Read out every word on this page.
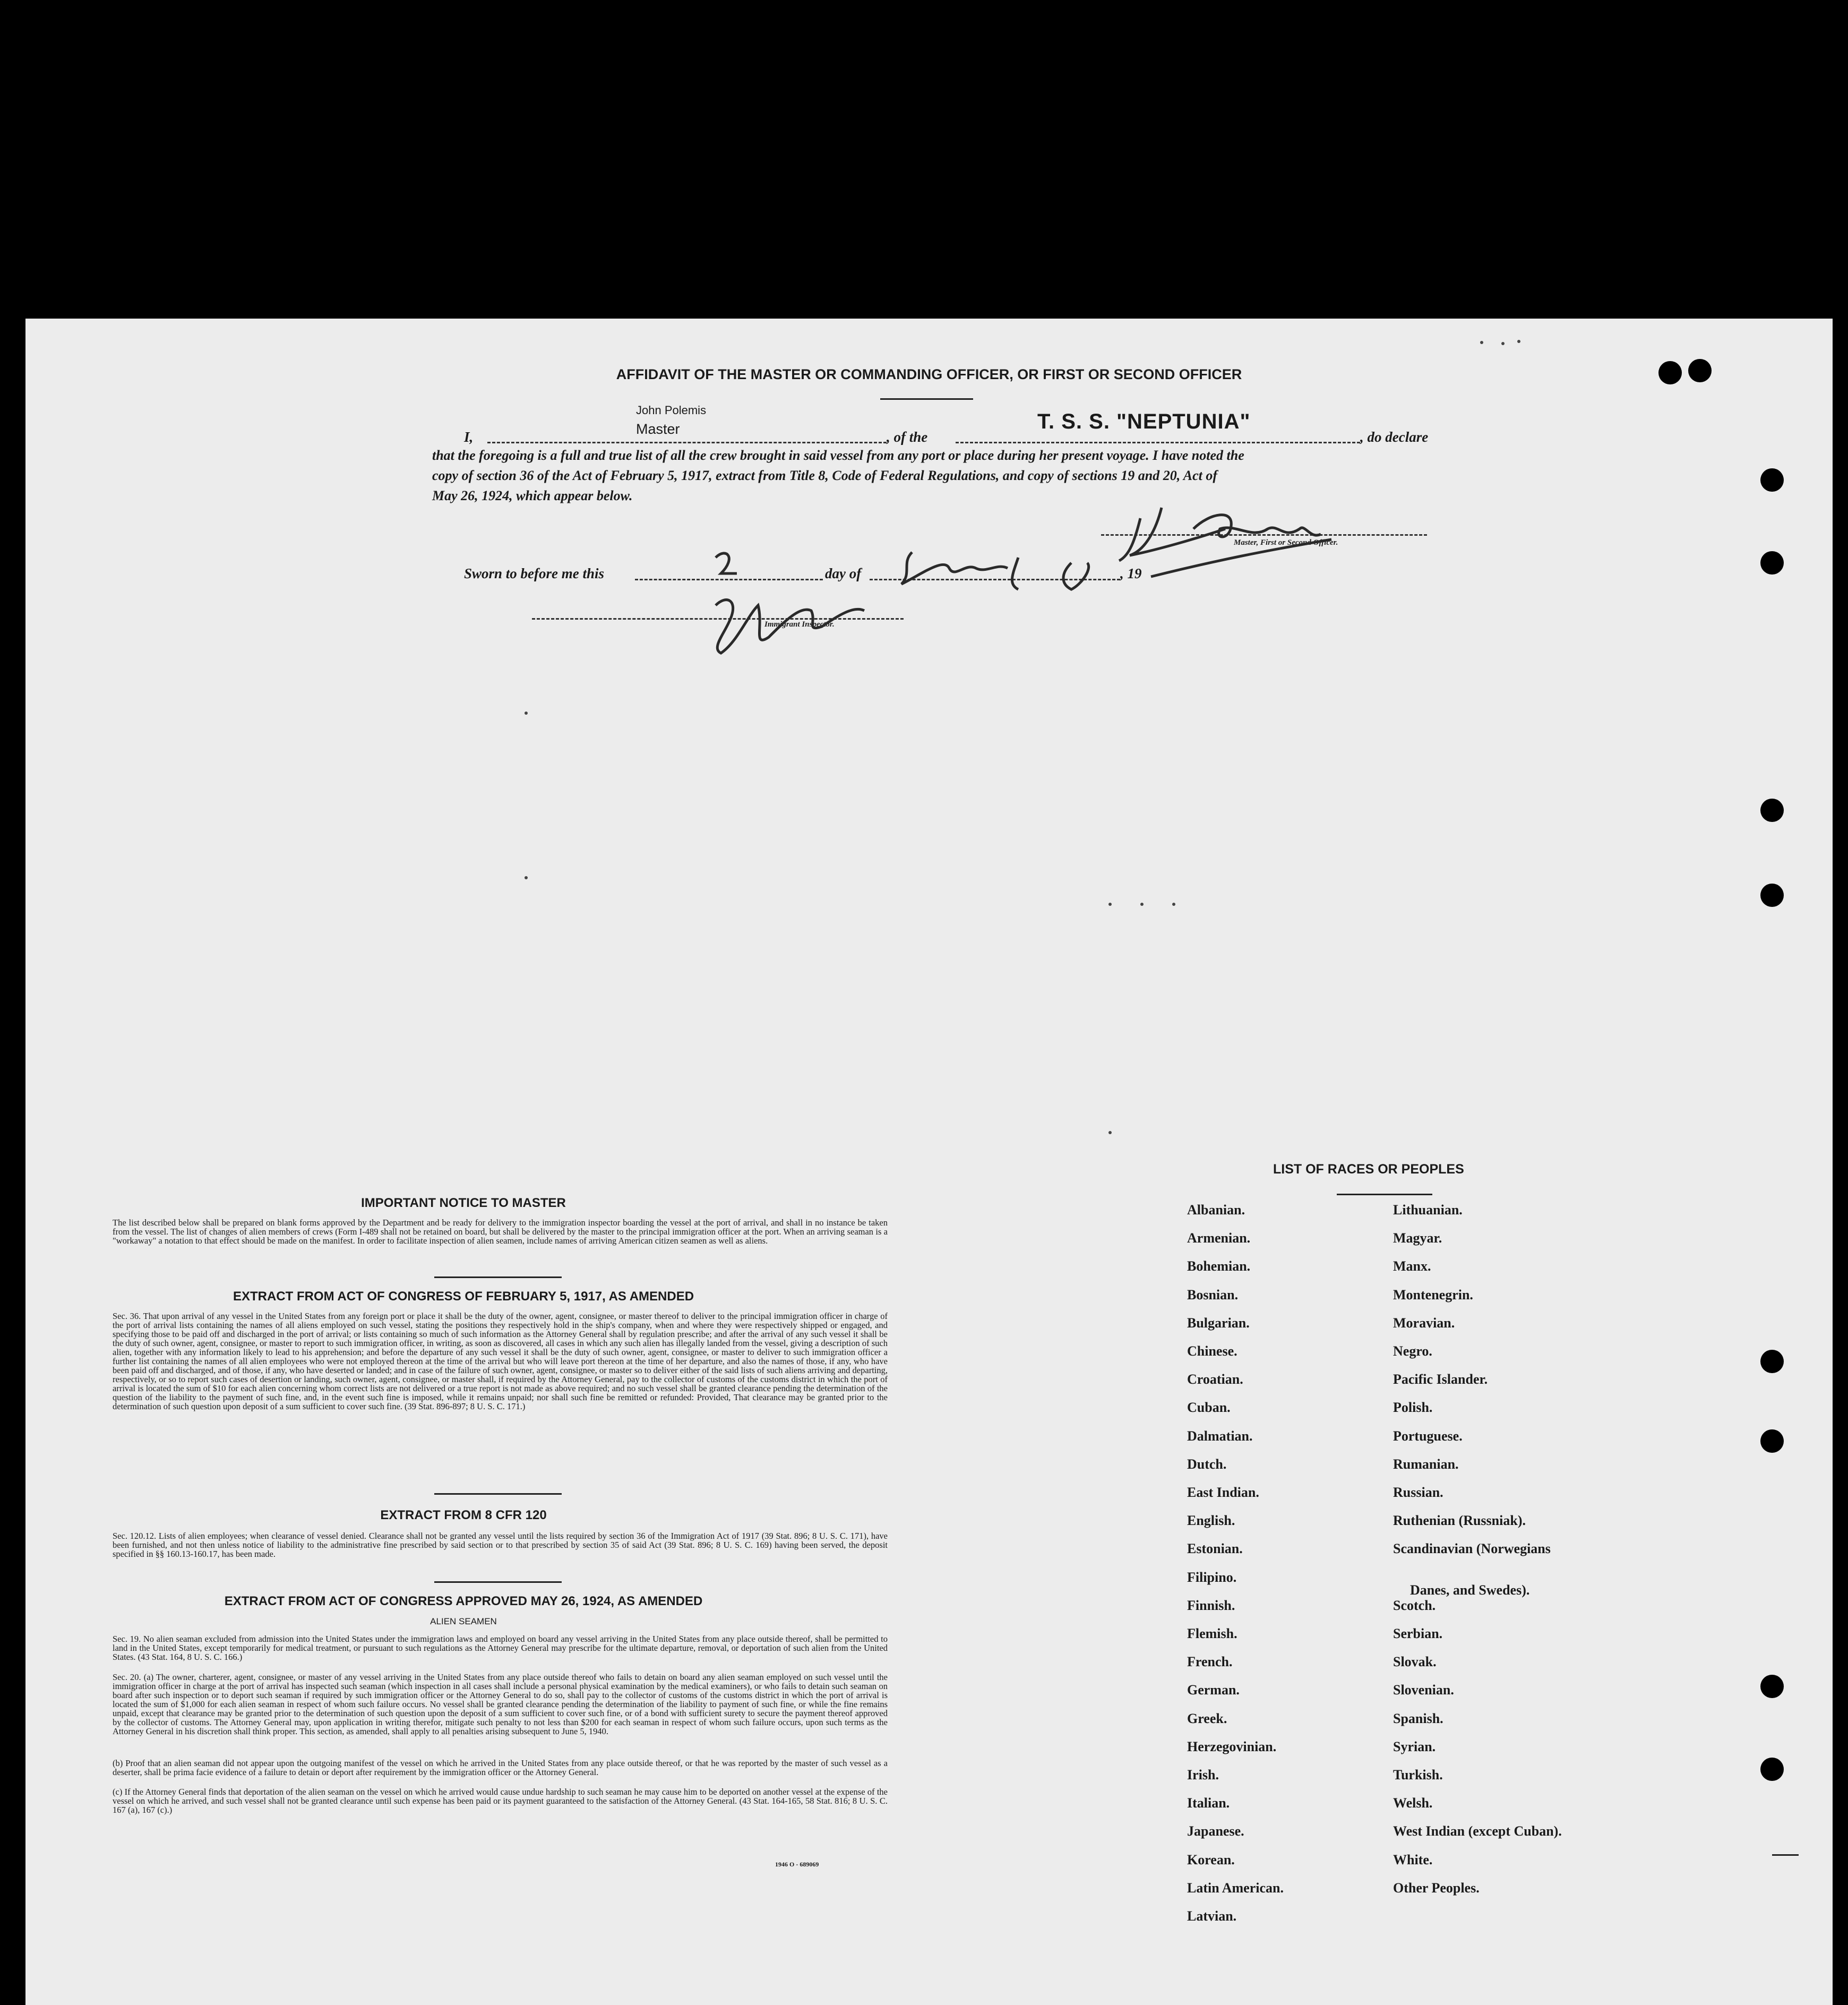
AFFIDAVIT OF THE MASTER OR COMMANDING OFFICER, OR FIRST OR SECOND OFFICER
I,
John Polemis
Master	, of the
T. S. S. "NEPTUNIA"
, do declare
that the foregoing is a full and true list of all the crew brought in said vessel from any port or place during her present voyage. I have noted the
copy of section 36 of the Act of February 5, 1917, extract from Title 8, Code of Federal Regulations, and copy of sections 19 and 20, Act of
May 26, 1924, which appear below.
Master, First or Second Officer.
Sworn to before me this	day of	, 19
Immigrant Inspector.
IMPORTANT NOTICE TO MASTER
The list described below shall be prepared on blank forms approved by the Department and be ready for delivery to the immigration inspector boarding the vessel at the port of arrival, and shall in no instance be taken from the vessel. The list of changes of alien members of crews (Form I-489 shall not be retained on board, but shall be delivered by the master to the principal immigration officer at the port. When an arriving seaman is a "workaway" a notation to that effect should be made on the manifest. In order to facilitate inspection of alien seamen, include names of arriving American citizen seamen as well as aliens.
EXTRACT FROM ACT OF CONGRESS OF FEBRUARY 5, 1917, AS AMENDED
Sec. 36. That upon arrival of any vessel in the United States from any foreign port or place it shall be the duty of the owner, agent, consignee, or master thereof to deliver to the principal immigration officer in charge of the port of arrival lists containing the names of all aliens employed on such vessel, stating the positions they respectively hold in the ship's company, when and where they were respectively shipped or engaged, and specifying those to be paid off and discharged in the port of arrival; or lists containing so much of such information as the Attorney General shall by regulation prescribe; and after the arrival of any such vessel it shall be the duty of such owner, agent, consignee, or master to report to such immigration officer, in writing, as soon as discovered, all cases in which any such alien has illegally landed from the vessel, giving a description of such alien, together with any information likely to lead to his apprehension; and before the departure of any such vessel it shall be the duty of such owner, agent, consignee, or master to deliver to such immigration officer a further list containing the names of all alien employees who were not employed thereon at the time of the arrival but who will leave port thereon at the time of her departure, and also the names of those, if any, who have been paid off and discharged, and of those, if any, who have deserted or landed; and in case of the failure of such owner, agent, consignee, or master so to deliver either of the said lists of such aliens arriving and departing, respectively, or so to report such cases of desertion or landing, such owner, agent, consignee, or master shall, if required by the Attorney General, pay to the collector of customs of the customs district in which the port of arrival is located the sum of $10 for each alien concerning whom correct lists are not delivered or a true report is not made as above required; and no such vessel shall be granted clearance pending the determination of the question of the liability to the payment of such fine, and, in the event such fine is imposed, while it remains unpaid; nor shall such fine be remitted or refunded: Provided, That clearance may be granted prior to the determination of such question upon deposit of a sum sufficient to cover such fine. (39 Stat. 896-897; 8 U. S. C. 171.)
EXTRACT FROM 8 CFR 120
Sec. 120.12. Lists of alien employees; when clearance of vessel denied. Clearance shall not be granted any vessel until the lists required by section 36 of the Immigration Act of 1917 (39 Stat. 896; 8 U. S. C. 171), have been furnished, and not then unless notice of liability to the administrative fine prescribed by said section or to that prescribed by section 35 of said Act (39 Stat. 896; 8 U. S. C. 169) having been served, the deposit specified in §§ 160.13-160.17, has been made.
EXTRACT FROM ACT OF CONGRESS APPROVED MAY 26, 1924, AS AMENDED
ALIEN SEAMEN
Sec. 19. No alien seaman excluded from admission into the United States under the immigration laws and employed on board any vessel arriving in the United States from any place outside thereof, shall be permitted to land in the United States, except temporarily for medical treatment, or pursuant to such regulations as the Attorney General may prescribe for the ultimate departure, removal, or deportation of such alien from the United States. (43 Stat. 164, 8 U. S. C. 166.)
Sec. 20. (a) The owner, charterer, agent, consignee, or master of any vessel arriving in the United States from any place outside thereof who fails to detain on board any alien seaman employed on such vessel until the immigration officer in charge at the port of arrival has inspected such seaman (which inspection in all cases shall include a personal physical examination by the medical examiners), or who fails to detain such seaman on board after such inspection or to deport such seaman if required by such immigration officer or the Attorney General to do so, shall pay to the collector of customs of the customs district in which the port of arrival is located the sum of $1,000 for each alien seaman in respect of whom such failure occurs. No vessel shall be granted clearance pending the determination of the liability to payment of such fine, or while the fine remains unpaid, except that clearance may be granted prior to the determination of such question upon the deposit of a sum sufficient to cover such fine, or of a bond with sufficient surety to secure the payment thereof approved by the collector of customs. The Attorney General may, upon application in writing therefor, mitigate such penalty to not less than $200 for each seaman in respect of whom such failure occurs, upon such terms as the Attorney General in his discretion shall think proper. This section, as amended, shall apply to all penalties arising subsequent to June 5, 1940.
(b) Proof that an alien seaman did not appear upon the outgoing manifest of the vessel on which he arrived in the United States from any place outside thereof, or that he was reported by the master of such vessel as a deserter, shall be prima facie evidence of a failure to detain or deport after requirement by the immigration officer or the Attorney General.
(c) If the Attorney General finds that deportation of the alien seaman on the vessel on which he arrived would cause undue hardship to such seaman he may cause him to be deported on another vessel at the expense of the vessel on which he arrived, and such vessel shall not be granted clearance until such expense has been paid or its payment guaranteed to the satisfaction of the Attorney General. (43 Stat. 164-165, 58 Stat. 816; 8 U. S. C. 167 (a), 167 (c).)
1946 O - 689069
LIST OF RACES OR PEOPLES
Albanian.
Armenian.
Bohemian.
Bosnian.
Bulgarian.
Chinese.
Croatian.
Cuban.
Dalmatian.
Dutch.
East Indian.
English.
Estonian.
Filipino.
Finnish.
Flemish.
French.
German.
Greek.
Herzegovinian.
Irish.
Italian.
Japanese.
Korean.
Latin American.
Latvian.
Lithuanian.
Magyar.
Manx.
Montenegrin.
Moravian.
Negro.
Pacific Islander.
Polish.
Portuguese.
Rumanian.
Russian.
Ruthenian (Russniak).
Scandinavian (Norwegians
Danes, and Swedes).
Scotch.
Serbian.
Slovak.
Slovenian.
Spanish.
Syrian.
Turkish.
Welsh.
West Indian (except Cuban).
White.
Other Peoples.
